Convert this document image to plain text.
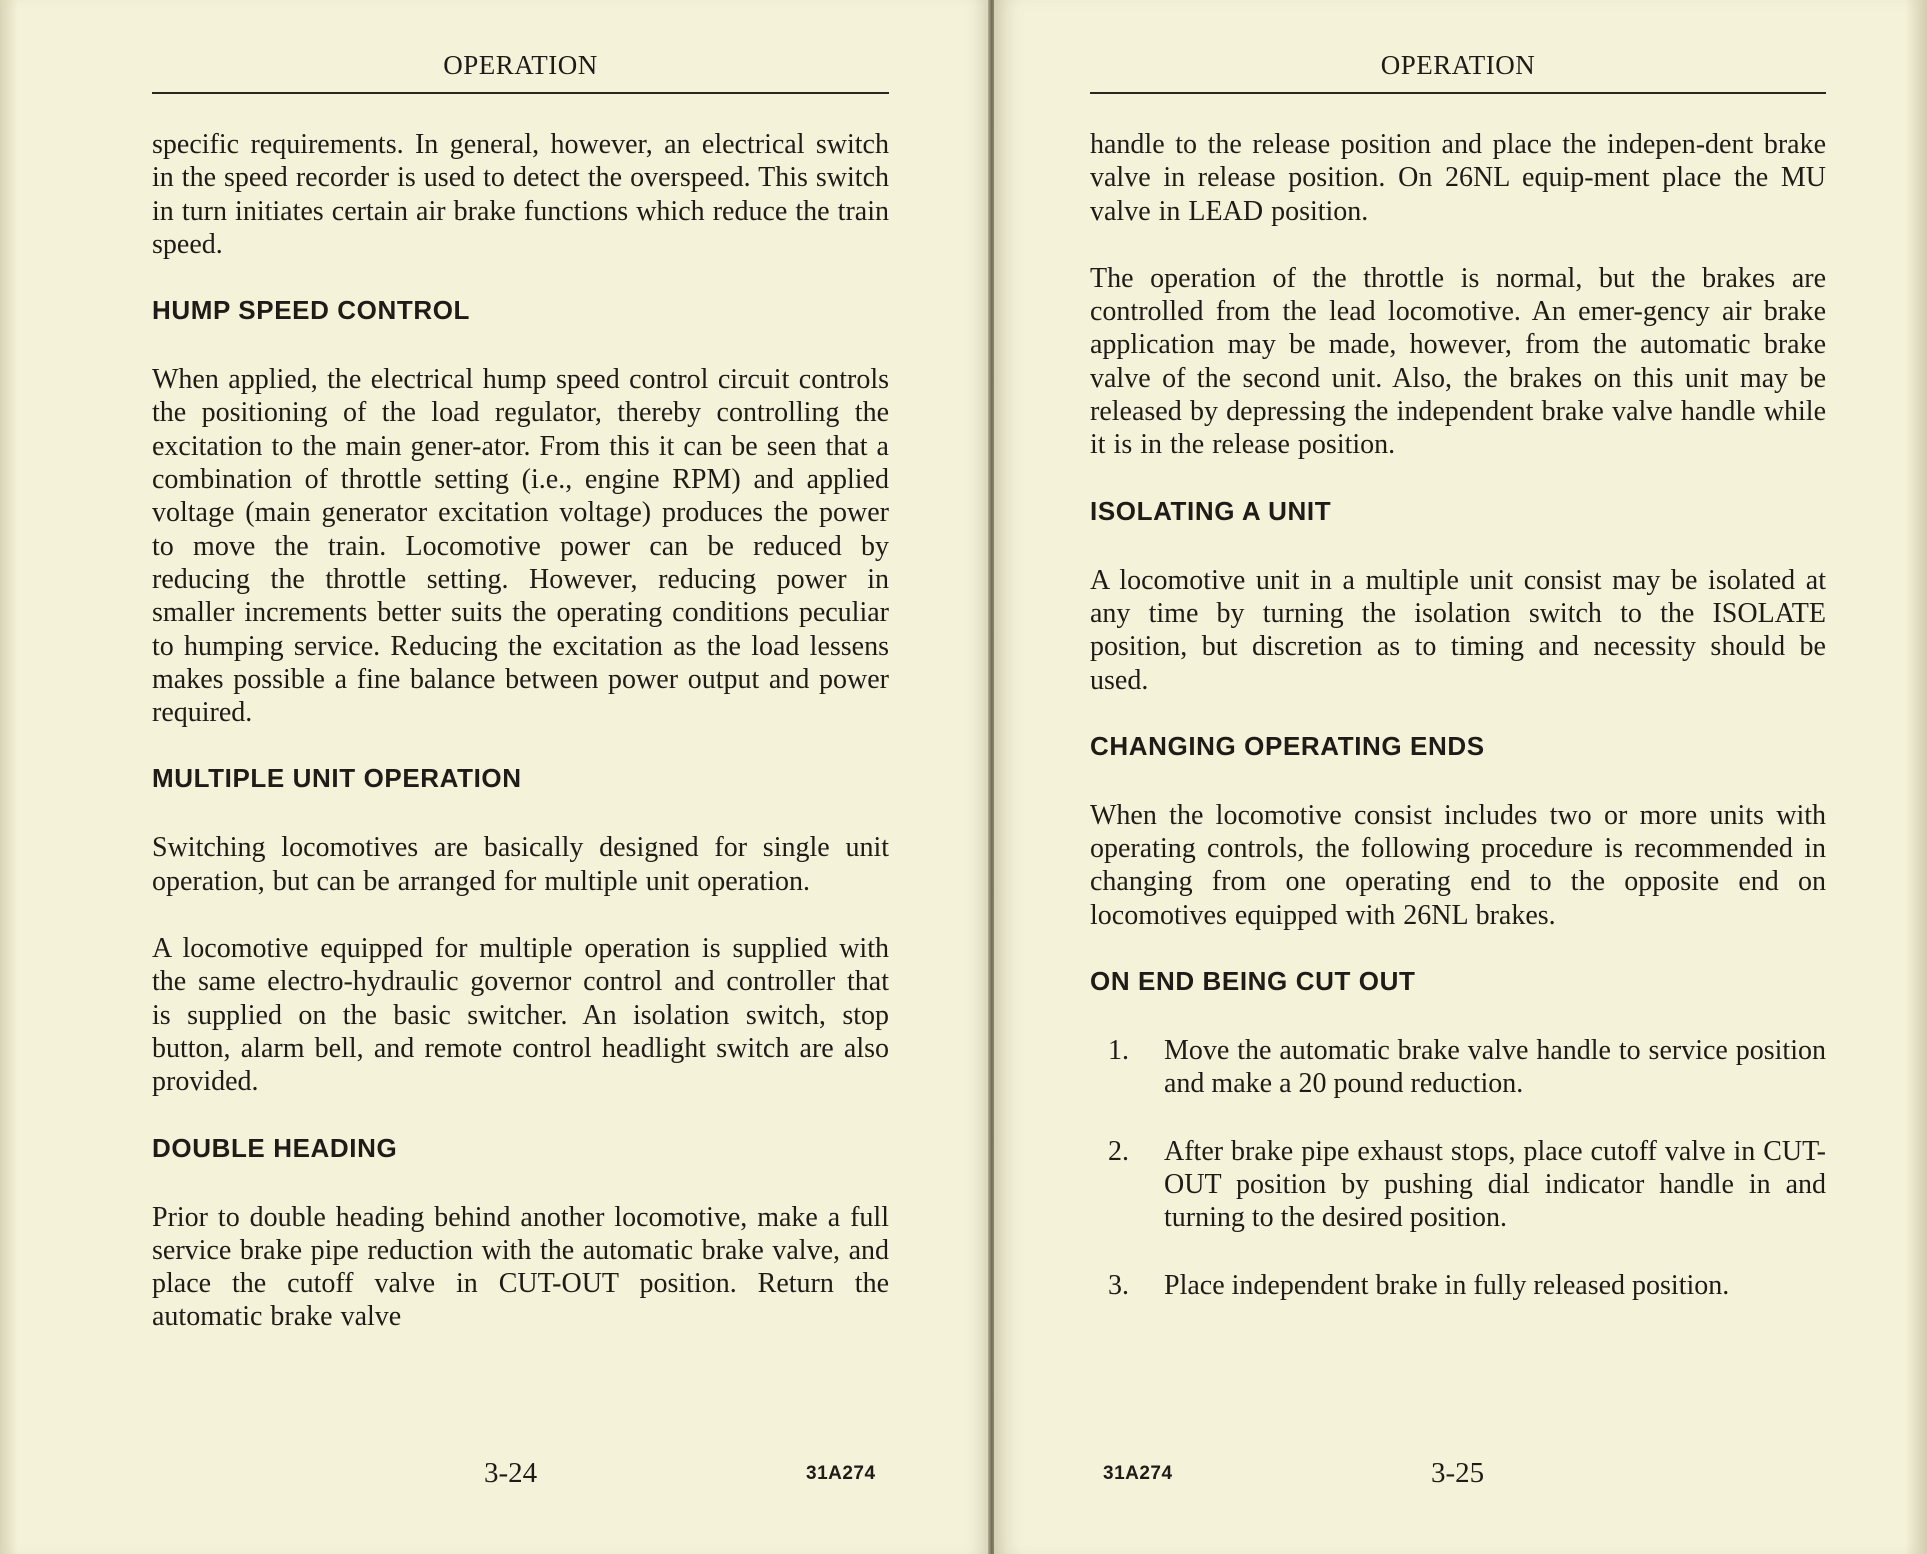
OPERATION

specific requirements. In general, however, an electrical switch in the speed recorder is used to detect the overspeed. This switch in turn initiates certain air brake functions which reduce the train speed.

HUMP SPEED CONTROL

When applied, the electrical hump speed control circuit controls the positioning of the load regulator, thereby controlling the excitation to the main gener-ator. From this it can be seen that a combination of throttle setting (i.e., engine RPM) and applied voltage (main generator excitation voltage) produces the power to move the train. Locomotive power can be reduced by reducing the throttle setting. However, reducing power in smaller increments better suits the operating conditions peculiar to humping service. Reducing the excitation as the load lessens makes possible a fine balance between power output and power required.

MULTIPLE UNIT OPERATION

Switching locomotives are basically designed for single unit operation, but can be arranged for multiple unit operation.

A locomotive equipped for multiple operation is supplied with the same electro-hydraulic governor control and controller that is supplied on the basic switcher. An isolation switch, stop button, alarm bell, and remote control headlight switch are also provided.

DOUBLE HEADING

Prior to double heading behind another locomotive, make a full service brake pipe reduction with the automatic brake valve, and place the cutoff valve in CUT-OUT position. Return the automatic brake valve

3-24	31A274
OPERATION

handle to the release position and place the indepen-dent brake valve in release position. On 26NL equip-ment place the MU valve in LEAD position.

The operation of the throttle is normal, but the brakes are controlled from the lead locomotive. An emer-gency air brake application may be made, however, from the automatic brake valve of the second unit. Also, the brakes on this unit may be released by depressing the independent brake valve handle while it is in the release position.

ISOLATING A UNIT

A locomotive unit in a multiple unit consist may be isolated at any time by turning the isolation switch to the ISOLATE position, but discretion as to timing and necessity should be used.

CHANGING OPERATING ENDS

When the locomotive consist includes two or more units with operating controls, the following procedure is recommended in changing from one operating end to the opposite end on locomotives equipped with 26NL brakes.

ON END BEING CUT OUT
1. Move the automatic brake valve handle to service position and make a 20 pound reduction.
2. After brake pipe exhaust stops, place cutoff valve in CUT-OUT position by pushing dial indicator handle in and turning to the desired position.
3. Place independent brake in fully released position.
31A274	3-25
